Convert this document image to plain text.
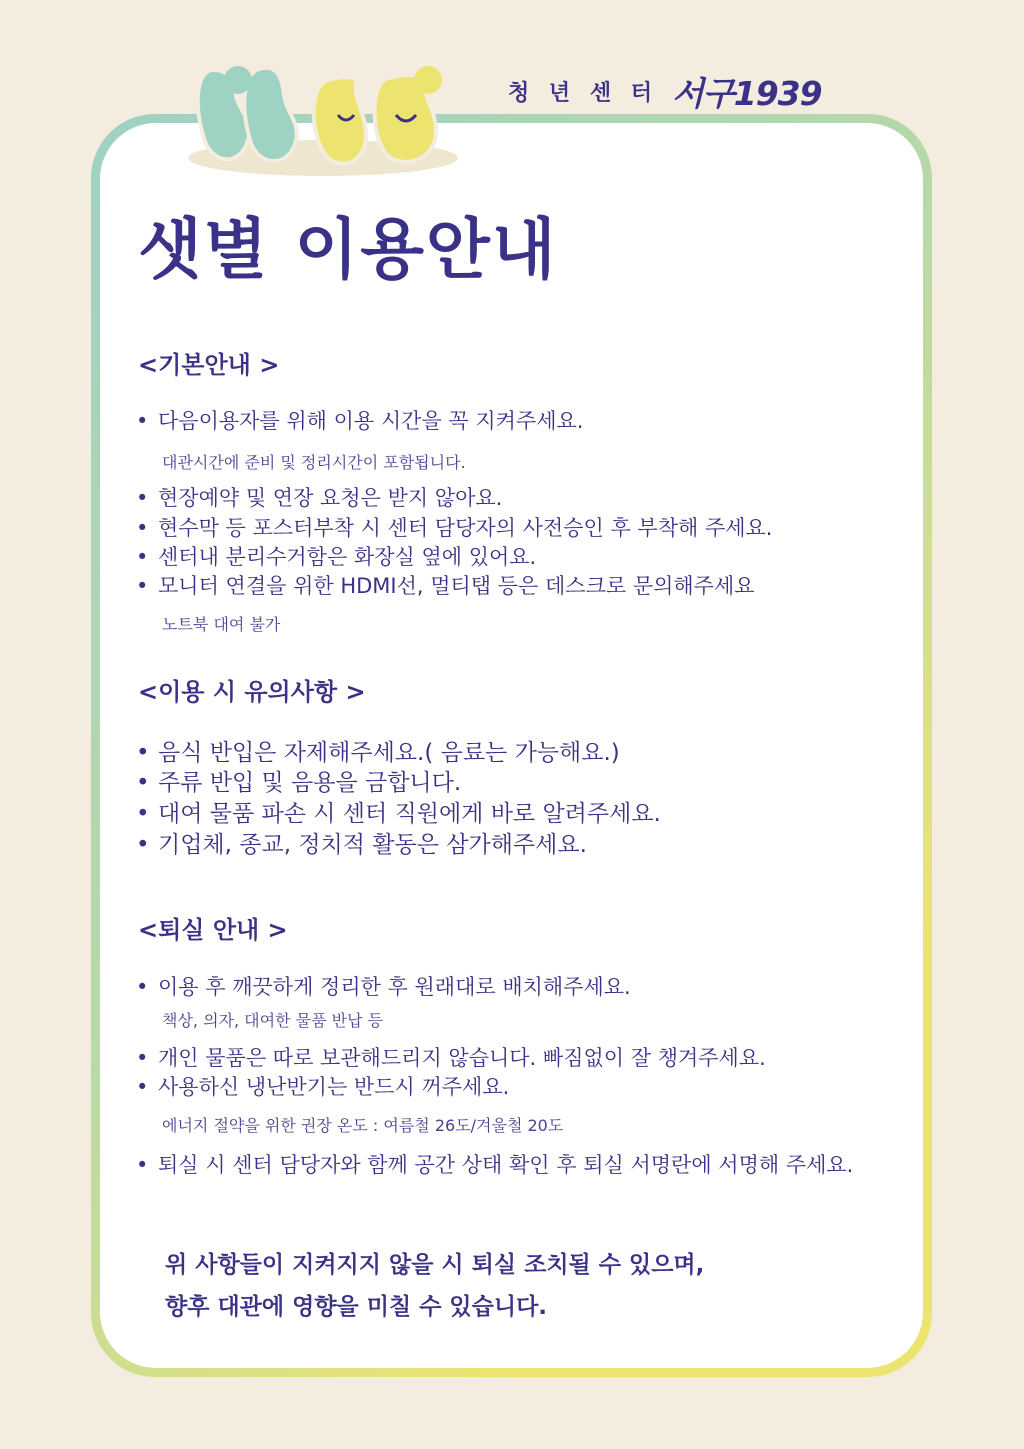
청 년 센 터 서구1939
샛별 이용안내
<기본안내 >
• 다음이용자를 위해 이용 시간을 꼭 지켜주세요.
대관시간에 준비 및 정리시간이 포함됩니다.
• 현장예약 및 연장 요청은 받지 않아요.
• 현수막 등 포스터부착 시 센터 담당자의 사전승인 후 부착해 주세요.
• 센터내 분리수거함은 화장실 옆에 있어요.
• 모니터 연결을 위한 HDMI선, 멀티탭 등은 데스크로 문의해주세요
노트북 대여 불가
<이용 시 유의사항 >
• 음식 반입은 자제해주세요.( 음료는 가능해요.)
• 주류 반입 및 음용을 금합니다.
• 대여 물품 파손 시 센터 직원에게 바로 알려주세요.
• 기업체, 종교, 정치적 활동은 삼가해주세요.
<퇴실 안내 >
• 이용 후 깨끗하게 정리한 후 원래대로 배치해주세요.
책상, 의자, 대여한 물품 반납 등
• 개인 물품은 따로 보관해드리지 않습니다. 빠짐없이 잘 챙겨주세요.
• 사용하신 냉난반기는 반드시 꺼주세요.
에너지 절약을 위한 권장 온도 : 여름철 26도/겨울철 20도
• 퇴실 시 센터 담당자와 함께 공간 상태 확인 후 퇴실 서명란에 서명해 주세요.
위 사항들이 지켜지지 않을 시 퇴실 조치될 수 있으며,
향후 대관에 영향을 미칠 수 있습니다.
